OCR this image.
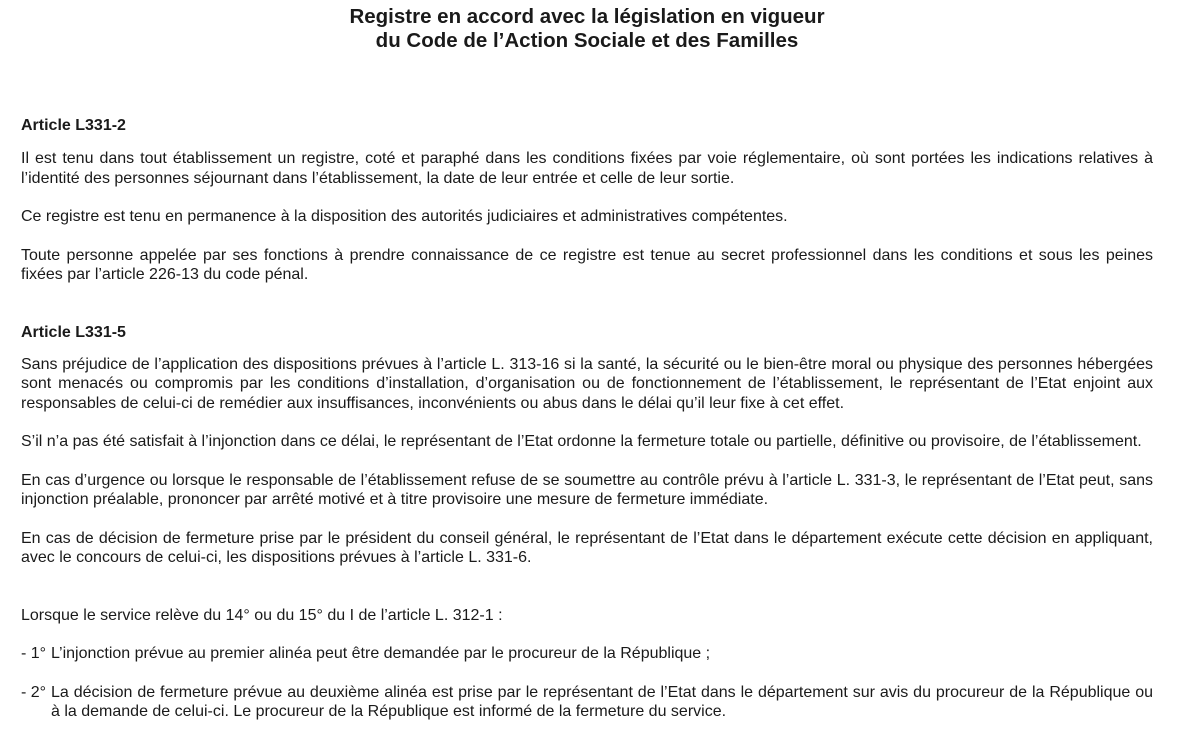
Registre en accord avec la législation en vigueur
du Code de l’Action Sociale et des Familles
Article L331-2

Il est tenu dans tout établissement un registre, coté et paraphé dans les conditions fixées par voie réglementaire, où sont portées les indications relatives à l’identité des personnes séjournant dans l’établissement, la date de leur entrée et celle de leur sortie.

Ce registre est tenu en permanence à la disposition des autorités judiciaires et administratives compétentes.

Toute personne appelée par ses fonctions à prendre connaissance de ce registre est tenue au secret professionnel dans les conditions et sous les peines fixées par l’article 226-13 du code pénal.

Article L331-5

Sans préjudice de l’application des dispositions prévues à l’article L. 313-16 si la santé, la sécurité ou le bien-être moral ou physique des personnes hébergées sont menacés ou compromis par les conditions d’installation, d’organisation ou de fonctionnement de l’établissement, le représentant de l’Etat enjoint aux responsables de celui-ci de remédier aux insuffisances, inconvénients ou abus dans le délai qu’il leur fixe à cet effet.

S’il n’a pas été satisfait à l’injonction dans ce délai, le représentant de l’Etat ordonne la fermeture totale ou partielle, définitive ou provisoire, de l’établissement.

En cas d’urgence ou lorsque le responsable de l’établissement refuse de se soumettre au contrôle prévu à l’article L. 331-3, le représentant de l’Etat peut, sans injonction préalable, prononcer par arrêté motivé et à titre provisoire une mesure de fermeture immédiate.

En cas de décision de fermeture prise par le président du conseil général, le représentant de l’Etat dans le département exécute cette décision en appliquant, avec le concours de celui-ci, les dispositions prévues à l’article L. 331-6.

Lorsque le service relève du 14° ou du 15° du I de l’article L. 312-1 :

- 1° L’injonction prévue au premier alinéa peut être demandée par le procureur de la République ;
- 2° La décision de fermeture prévue au deuxième alinéa est prise par le représentant de l’Etat dans le département sur avis du procureur de la République ou à la demande de celui-ci. Le procureur de la République est informé de la fermeture du service.
